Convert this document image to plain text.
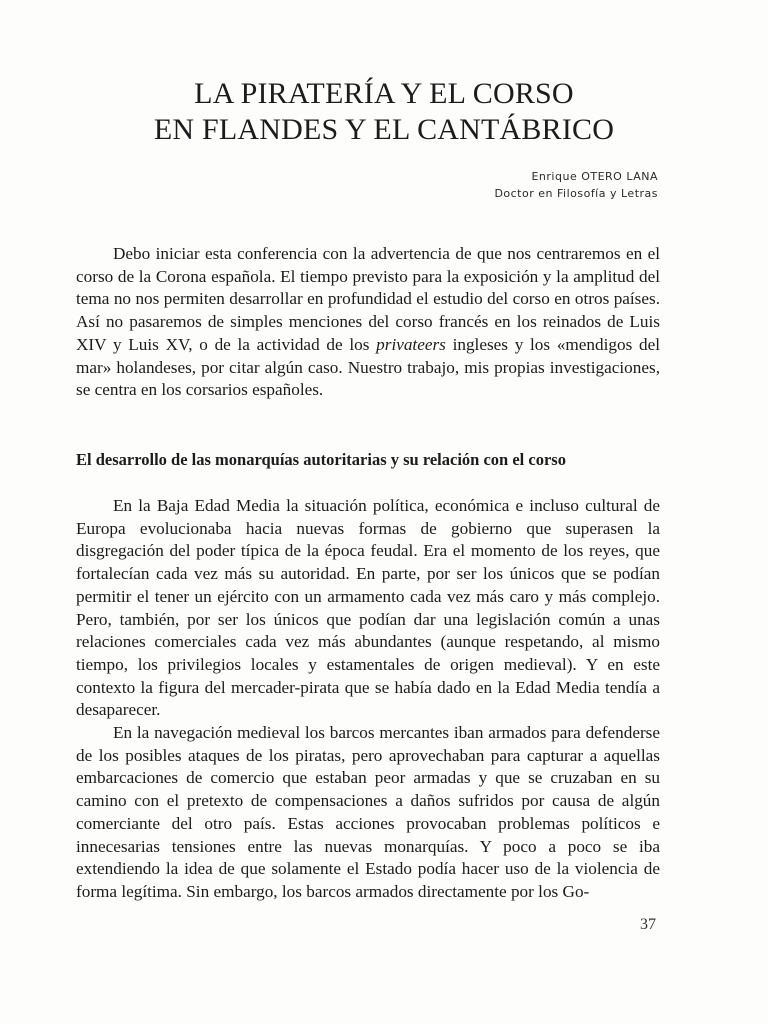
LA PIRATERÍA Y EL CORSO
EN FLANDES Y EL CANTÁBRICO
Enrique OTERO LANA
Doctor en Filosofía y Letras

Debo iniciar esta conferencia con la advertencia de que nos centraremos en el corso de la Corona española. El tiempo previsto para la exposición y la amplitud del tema no nos permiten desarrollar en profundidad el estudio del corso en otros países. Así no pasaremos de simples menciones del corso francés en los reinados de Luis XIV y Luis XV, o de la actividad de los privateers ingleses y los «mendigos del mar» holandeses, por citar algún caso. Nuestro trabajo, mis propias investigaciones, se centra en los corsarios españoles.

El desarrollo de las monarquías autoritarias y su relación con el corso

En la Baja Edad Media la situación política, económica e incluso cultural de Europa evolucionaba hacia nuevas formas de gobierno que superasen la disgregación del poder típica de la época feudal. Era el momento de los reyes, que fortalecían cada vez más su autoridad. En parte, por ser los únicos que se podían permitir el tener un ejército con un armamento cada vez más caro y más complejo. Pero, también, por ser los únicos que podían dar una legislación común a unas relaciones comerciales cada vez más abundantes (aunque respetando, al mismo tiempo, los privilegios locales y estamentales de origen medieval). Y en este contexto la figura del mercader-pirata que se había dado en la Edad Media tendía a desaparecer.

En la navegación medieval los barcos mercantes iban armados para defenderse de los posibles ataques de los piratas, pero aprovechaban para capturar a aquellas embarcaciones de comercio que estaban peor armadas y que se cruzaban en su camino con el pretexto de compensaciones a daños sufridos por causa de algún comerciante del otro país. Estas acciones provocaban problemas políticos e innecesarias tensiones entre las nuevas monarquías. Y poco a poco se iba extendiendo la idea de que solamente el Estado podía hacer uso de la violencia de forma legítima. Sin embargo, los barcos armados directamente por los Go-

37
